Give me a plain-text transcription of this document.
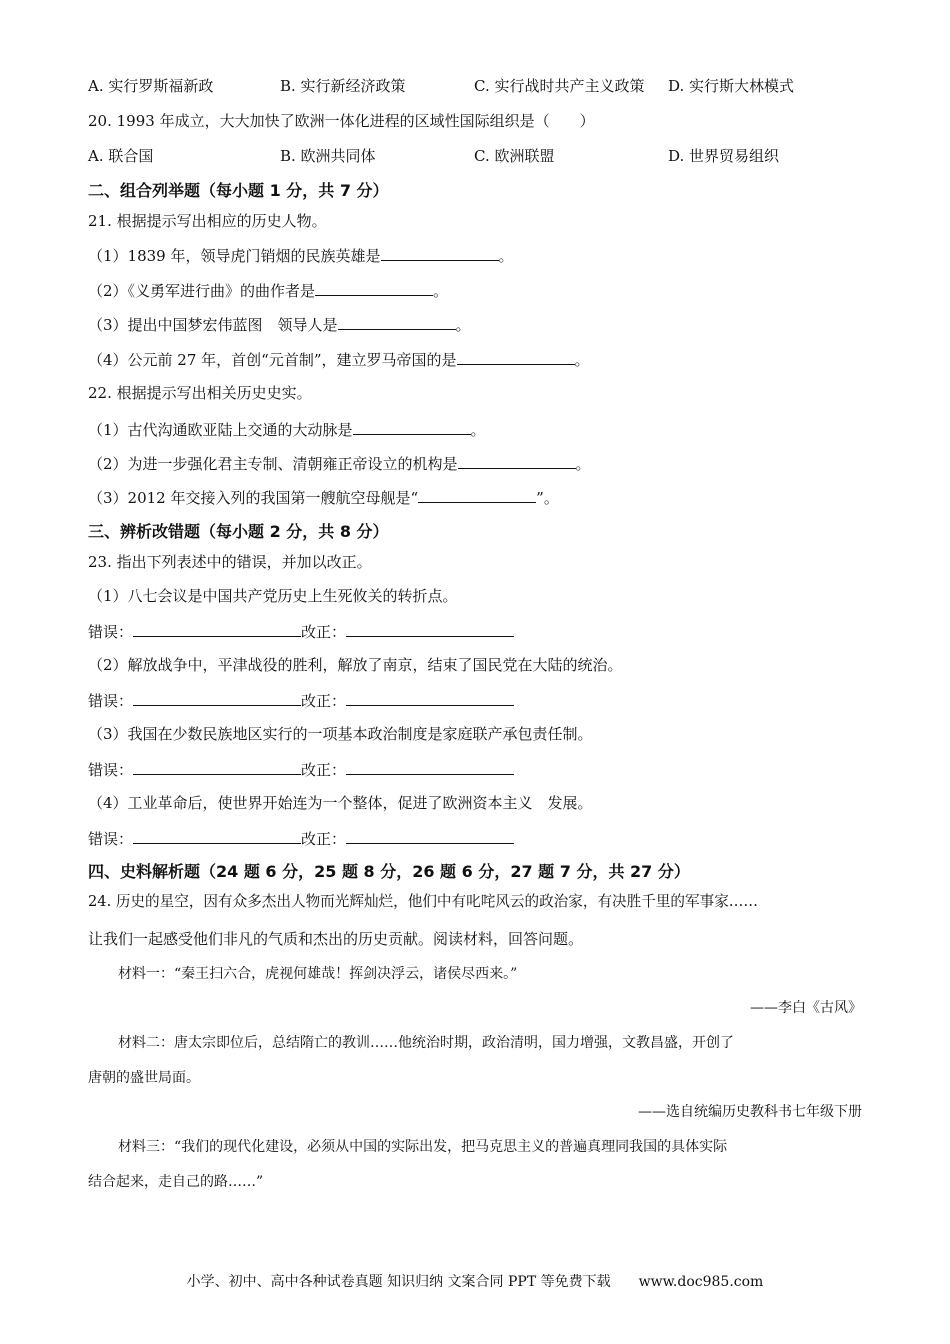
A. 实行罗斯福新政	B. 实行新经济政策	C. 实行战时共产主义政策	D. 实行斯大林模式
20. 1993 年成立，大大加快了欧洲一体化进程的区域性国际组织是（　　）
A. 联合国	B. 欧洲共同体	C. 欧洲联盟	D. 世界贸易组织
二、组合列举题（每小题 1 分，共 7 分）
21. 根据提示写出相应的历史人物。
（1）1839 年，领导虎门销烟的民族英雄是	。
（2）《义勇军进行曲》的曲作者是	。
（3）提出中国梦宏伟蓝图　领导人是	。
（4）公元前 27 年，首创“元首制”，建立罗马帝国的是	。
22. 根据提示写出相关历史史实。
（1）古代沟通欧亚陆上交通的大动脉是	。
（2）为进一步强化君主专制、清朝雍正帝设立的机构是	。
（3）2012 年交接入列的我国第一艘航空母舰是“	”。
三、辨析改错题（每小题 2 分，共 8 分）
23. 指出下列表述中的错误，并加以改正。
（1）八七会议是中国共产党历史上生死攸关的转折点。
错误：	改正：
（2）解放战争中，平津战役的胜利，解放了南京，结束了国民党在大陆的统治。
错误：	改正：
（3）我国在少数民族地区实行的一项基本政治制度是家庭联产承包责任制。
错误：	改正：
（4）工业革命后，使世界开始连为一个整体，促进了欧洲资本主义　发展。
错误：	改正：
四、史料解析题（24 题 6 分，25 题 8 分，26 题 6 分，27 题 7 分，共 27 分）
24. 历史的星空，因有众多杰出人物而光辉灿烂，他们中有叱咤风云的政治家，有决胜千里的军事家……
让我们一起感受他们非凡的气质和杰出的历史贡献。阅读材料，回答问题。
材料一：“秦王扫六合，虎视何雄哉！挥剑决浮云，诸侯尽西来。”
——李白《古风》
材料二：唐太宗即位后，总结隋亡的教训……他统治时期，政治清明，国力增强，文教昌盛，开创了
唐朝的盛世局面。
——选自统编历史教科书七年级下册
材料三：“我们的现代化建设，必须从中国的实际出发，把马克思主义的普遍真理同我国的具体实际
结合起来，走自己的路……”
小学、初中、高中各种试卷真题 知识归纳 文案合同 PPT 等免费下载　　www.doc985.com
